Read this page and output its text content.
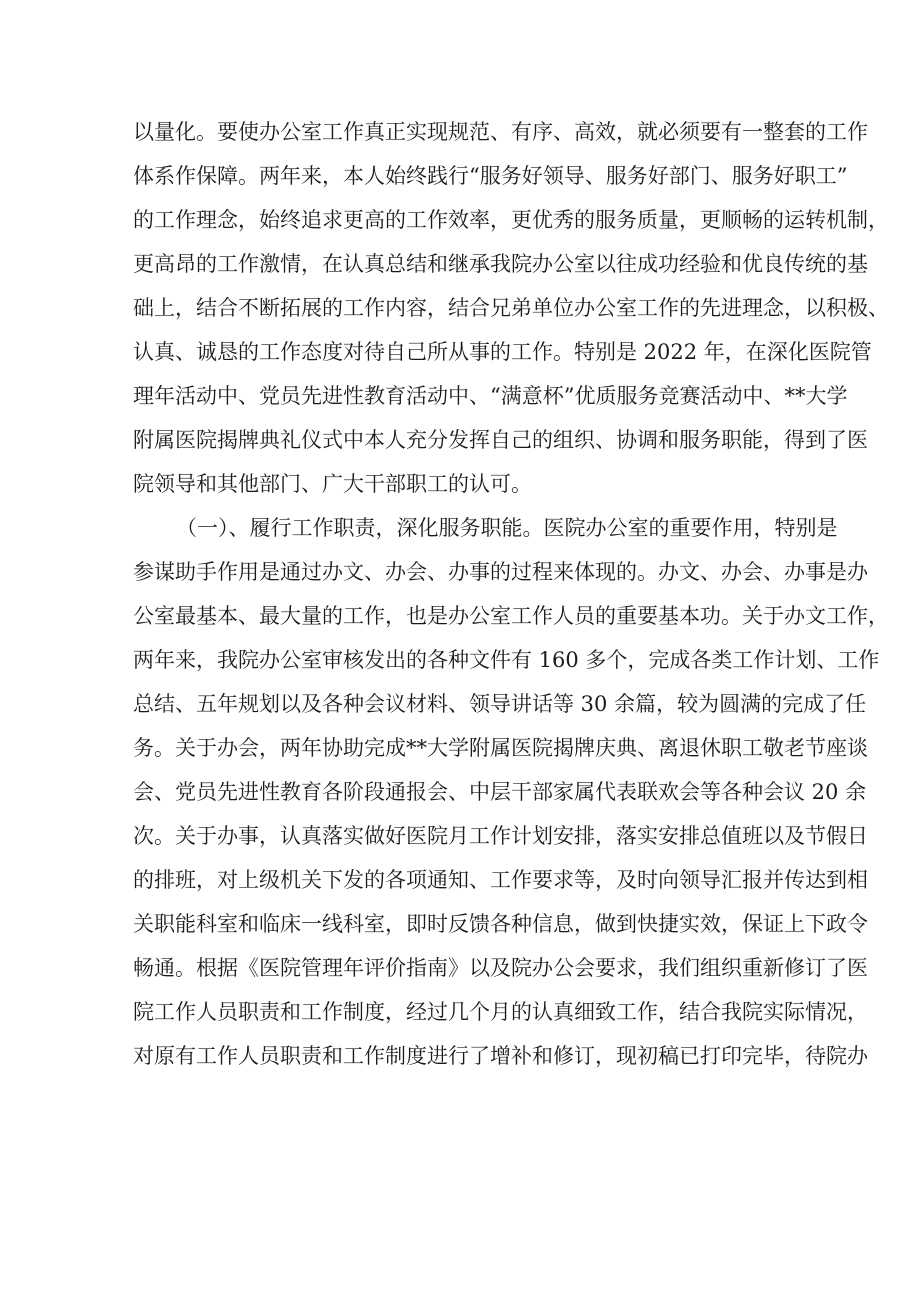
以量化。要使办公室工作真正实现规范、有序、高效，就必须要有一整套的工作
体系作保障。两年来，本人始终践行“服务好领导、服务好部门、服务好职工”
的工作理念，始终追求更高的工作效率，更优秀的服务质量，更顺畅的运转机制，
更高昂的工作激情，在认真总结和继承我院办公室以往成功经验和优良传统的基
础上，结合不断拓展的工作内容，结合兄弟单位办公室工作的先进理念，以积极、
认真、诚恳的工作态度对待自己所从事的工作。特别是 2022 年，在深化医院管
理年活动中、党员先进性教育活动中、“满意杯”优质服务竞赛活动中、**大学
附属医院揭牌典礼仪式中本人充分发挥自己的组织、协调和服务职能，得到了医
院领导和其他部门、广大干部职工的认可。
（一）、履行工作职责，深化服务职能。医院办公室的重要作用，特别是
参谋助手作用是通过办文、办会、办事的过程来体现的。办文、办会、办事是办
公室最基本、最大量的工作，也是办公室工作人员的重要基本功。关于办文工作，
两年来，我院办公室审核发出的各种文件有 160 多个，完成各类工作计划、工作
总结、五年规划以及各种会议材料、领导讲话等 30 余篇，较为圆满的完成了任
务。关于办会，两年协助完成**大学附属医院揭牌庆典、离退休职工敬老节座谈
会、党员先进性教育各阶段通报会、中层干部家属代表联欢会等各种会议 20 余
次。关于办事，认真落实做好医院月工作计划安排，落实安排总值班以及节假日
的排班，对上级机关下发的各项通知、工作要求等，及时向领导汇报并传达到相
关职能科室和临床一线科室，即时反馈各种信息，做到快捷实效，保证上下政令
畅通。根据《医院管理年评价指南》以及院办公会要求，我们组织重新修订了医
院工作人员职责和工作制度，经过几个月的认真细致工作，结合我院实际情况，
对原有工作人员职责和工作制度进行了增补和修订，现初稿已打印完毕，待院办
